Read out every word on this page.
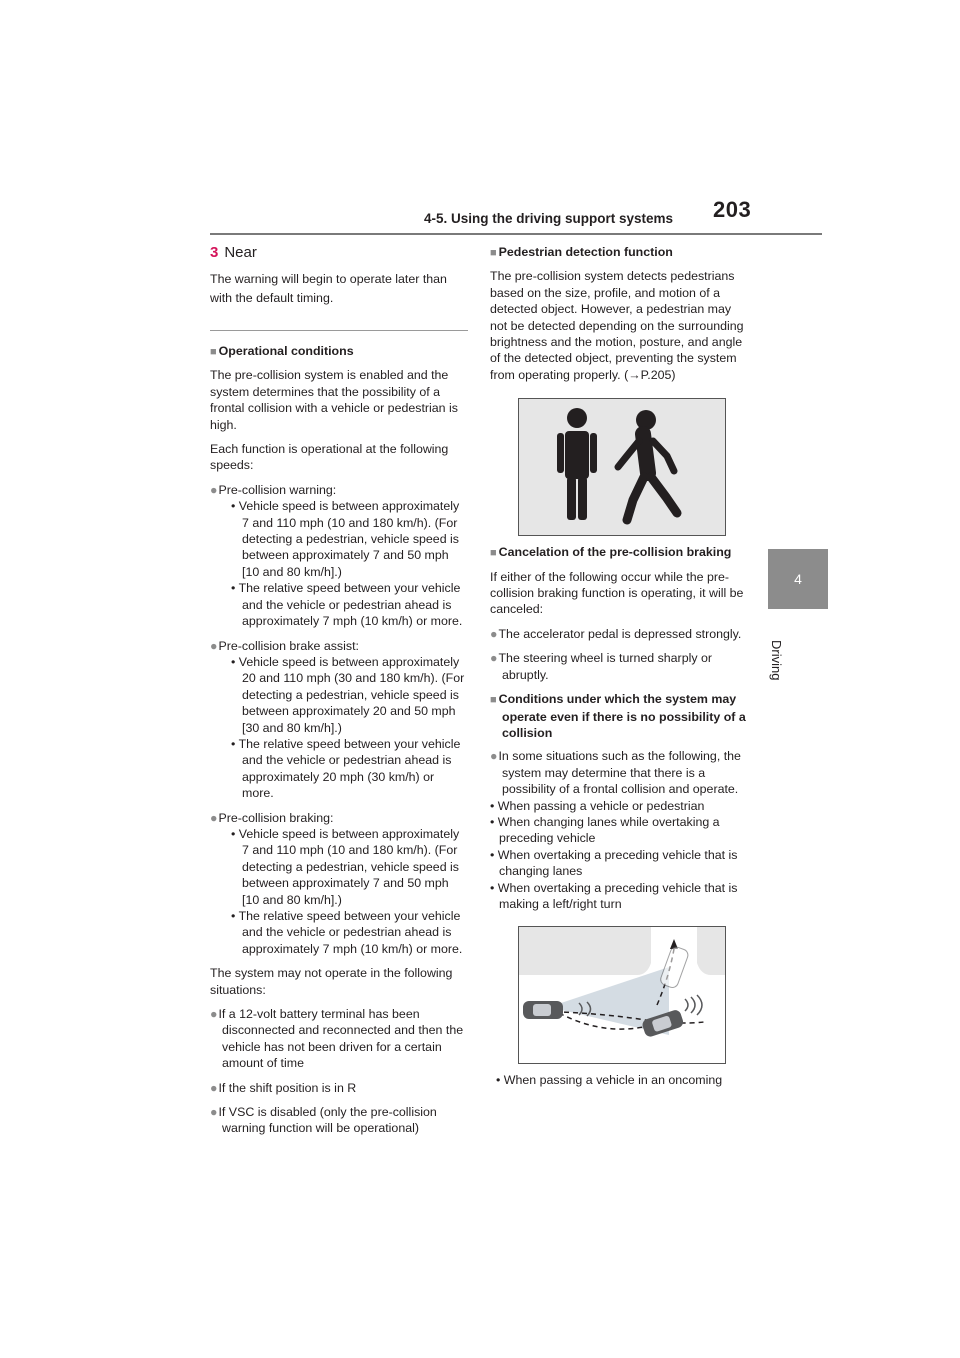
4-5. Using the driving support systems 203
4
Driving

3 Near

The warning will begin to operate later than with the default timing.

■ Operational conditions

The pre-collision system is enabled and the system determines that the possibility of a frontal collision with a vehicle or pedestrian is high.

Each function is operational at the following speeds:

●Pre-collision warning:
• Vehicle speed is between approximately 7 and 110 mph (10 and 180 km/h). (For detecting a pedestrian, vehicle speed is between approximately 7 and 50 mph [10 and 80 km/h].)
• The relative speed between your vehicle and the vehicle or pedestrian ahead is approximately 7 mph (10 km/h) or more.
●Pre-collision brake assist:
• Vehicle speed is between approximately 20 and 110 mph (30 and 180 km/h). (For detecting a pedestrian, vehicle speed is between approximately 20 and 50 mph [30 and 80 km/h].)
• The relative speed between your vehicle and the vehicle or pedestrian ahead is approximately 20 mph (30 km/h) or more.
●Pre-collision braking:
• Vehicle speed is between approximately 7 and 110 mph (10 and 180 km/h). (For detecting a pedestrian, vehicle speed is between approximately 7 and 50 mph [10 and 80 km/h].)
• The relative speed between your vehicle and the vehicle or pedestrian ahead is approximately 7 mph (10 km/h) or more.

The system may not operate in the following situations:

●If a 12-volt battery terminal has been disconnected and reconnected and then the vehicle has not been driven for a certain amount of time
●If the shift position is in R
●If VSC is disabled (only the pre-collision warning function will be operational)

■ Pedestrian detection function

The pre-collision system detects pedestrians based on the size, profile, and motion of a detected object. However, a pedestrian may not be detected depending on the surrounding brightness and the motion, posture, and angle of the detected object, preventing the system from operating properly. (→P.205)

■ Cancelation of the pre-collision braking

If either of the following occur while the pre-collision braking function is operating, it will be canceled:

●The accelerator pedal is depressed strongly.
●The steering wheel is turned sharply or abruptly.

■ Conditions under which the system may operate even if there is no possibility of a collision

●In some situations such as the following, the system may determine that there is a possibility of a frontal collision and operate.
• When passing a vehicle or pedestrian
• When changing lanes while overtaking a preceding vehicle
• When overtaking a preceding vehicle that is changing lanes
• When overtaking a preceding vehicle that is making a left/right turn
• When passing a vehicle in an oncoming
